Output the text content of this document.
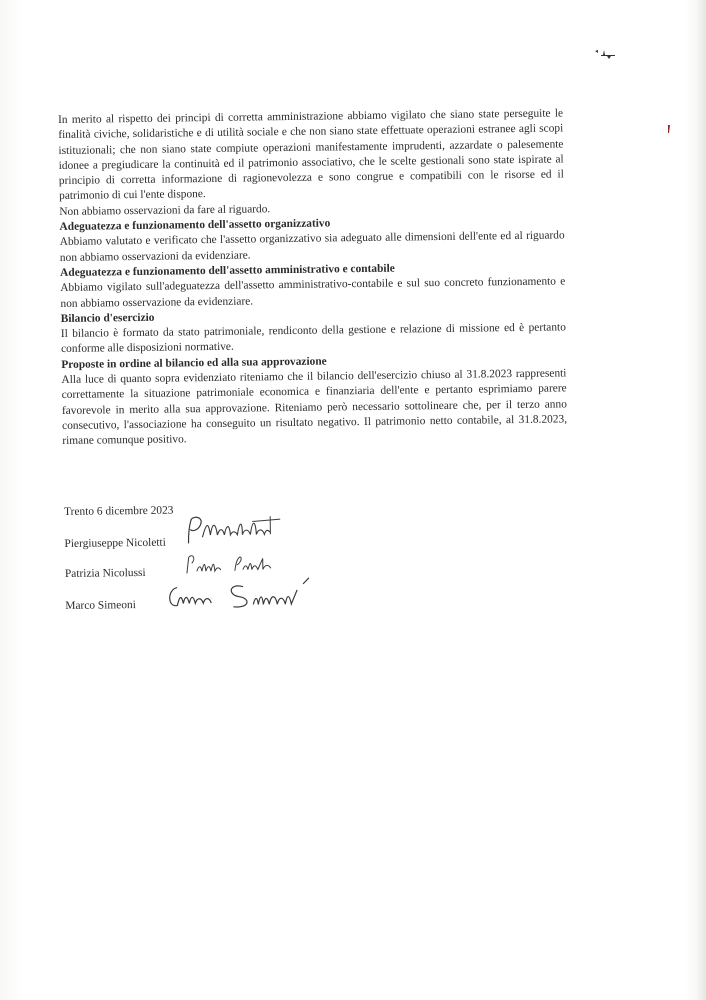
In merito al rispetto dei principi di corretta amministrazione abbiamo vigilato che siano state perseguite le finalità civiche, solidaristiche e di utilità sociale e che non siano state effettuate operazioni estranee agli scopi istituzionali; che non siano state compiute operazioni manifestamente imprudenti, azzardate o palesemente idonee a pregiudicare la continuità ed il patrimonio associativo, che le scelte gestionali sono state ispirate al principio di corretta informazione di ragionevolezza e sono congrue e compatibili con le risorse ed il patrimonio di cui l'ente dispone.

Non abbiamo osservazioni da fare al riguardo.

Adeguatezza e funzionamento dell'assetto organizzativo

Abbiamo valutato e verificato che l'assetto organizzativo sia adeguato alle dimensioni dell'ente ed al riguardo non abbiamo osservazioni da evidenziare.

Adeguatezza e funzionamento dell'assetto amministrativo e contabile

Abbiamo vigilato sull'adeguatezza dell'assetto amministrativo-contabile e sul suo concreto funzionamento e non abbiamo osservazione da evidenziare.

Bilancio d'esercizio

Il bilancio è formato da stato patrimoniale, rendiconto della gestione e relazione di missione ed è pertanto conforme alle disposizioni normative.

Proposte in ordine al bilancio ed alla sua approvazione

Alla luce di quanto sopra evidenziato riteniamo che il bilancio dell'esercizio chiuso al 31.8.2023 rappresenti correttamente la situazione patrimoniale economica e finanziaria dell'ente e pertanto esprimiamo parere favorevole in merito alla sua approvazione. Riteniamo però necessario sottolineare che, per il terzo anno consecutivo, l'associazione ha conseguito un risultato negativo. Il patrimonio netto contabile, al 31.8.2023, rimane comunque positivo.

Trento 6 dicembre 2023
Piergiuseppe Nicoletti
Patrizia Nicolussi
Marco Simeoni
